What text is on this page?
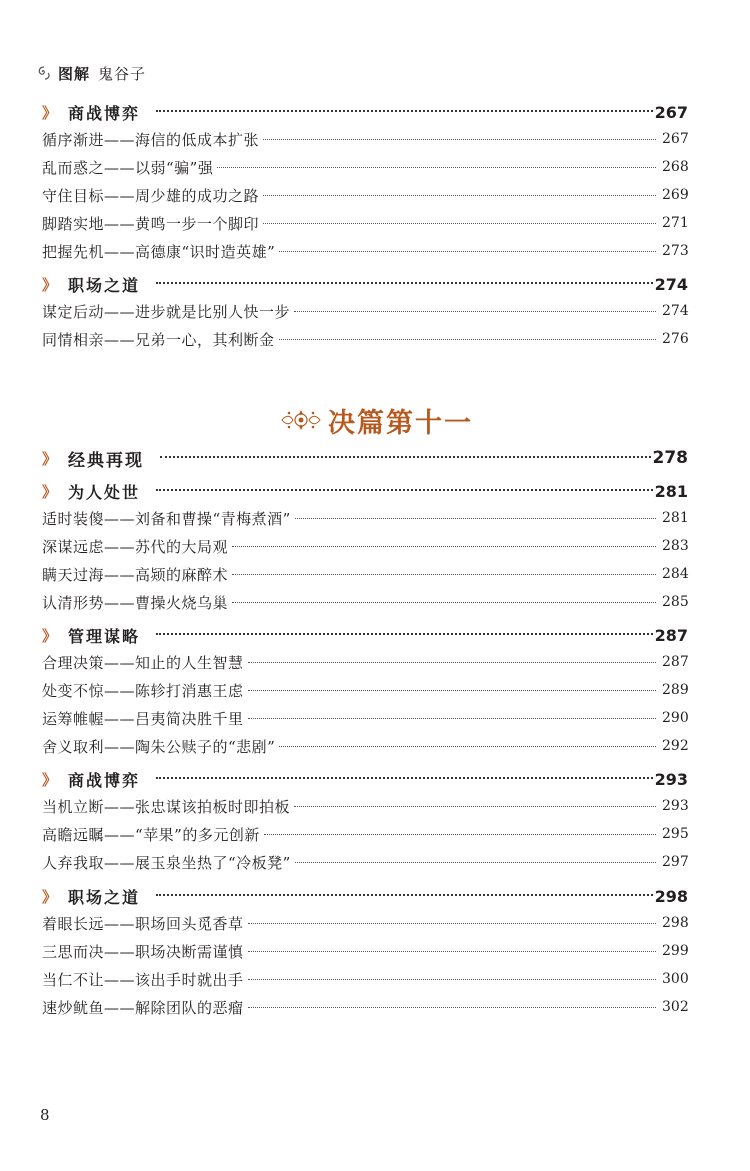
图解 鬼谷子
》 商战博弈	267
循序渐进——海信的低成本扩张	267
乱而惑之——以弱“骗”强	268
守住目标——周少雄的成功之路	269
脚踏实地——黄鸣一步一个脚印	271
把握先机——高德康“识时造英雄”	273
》 职场之道	274
谋定后动——进步就是比别人快一步	274
同情相亲——兄弟一心，其利断金	276
决篇第十一
》 经典再现	278
》 为人处世	281
适时装傻——刘备和曹操“青梅煮酒”	281
深谋远虑——苏代的大局观	283
瞒天过海——高颎的麻醉术	284
认清形势——曹操火烧乌巢	285
》 管理谋略	287
合理决策——知止的人生智慧	287
处变不惊——陈轸打消惠王虑	289
运筹帷幄——吕夷简决胜千里	290
舍义取利——陶朱公赎子的“悲剧”	292
》 商战博弈	293
当机立断——张忠谋该拍板时即拍板	293
高瞻远瞩——“苹果”的多元创新	295
人弃我取——展玉泉坐热了“冷板凳”	297
》 职场之道	298
着眼长远——职场回头觅香草	298
三思而决——职场决断需谨慎	299
当仁不让——该出手时就出手	300
速炒鱿鱼——解除团队的恶瘤	302
8
